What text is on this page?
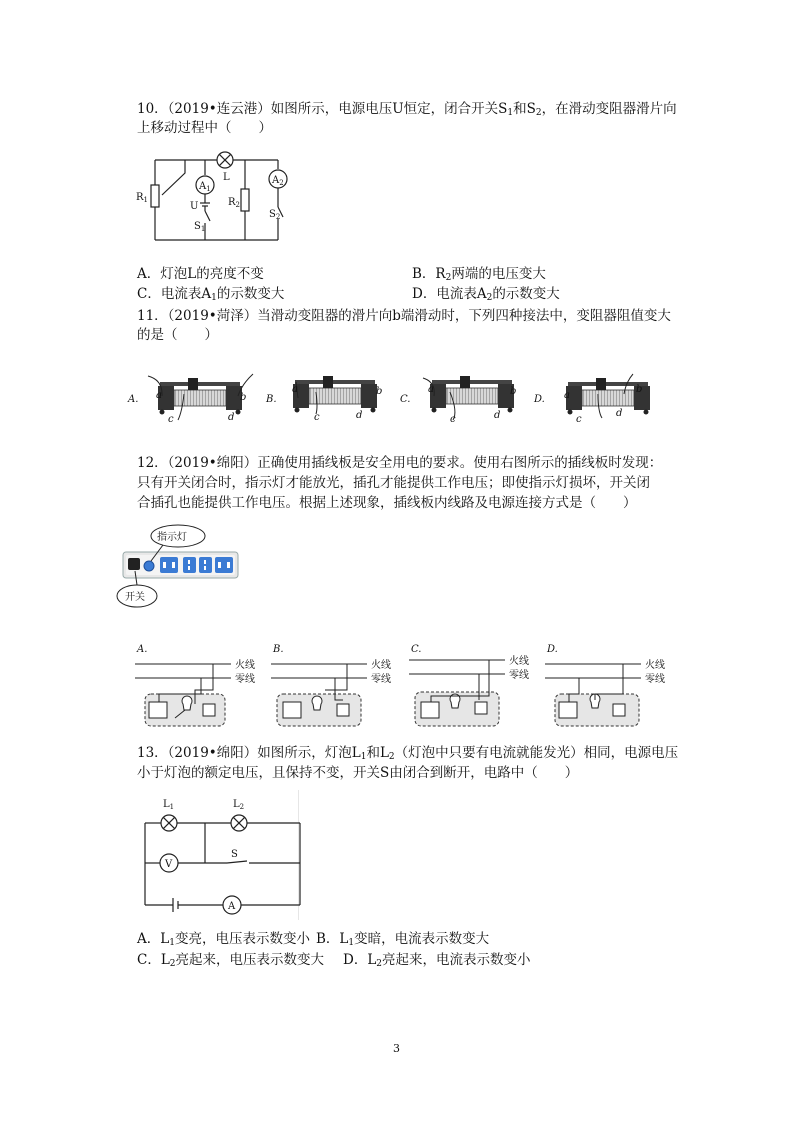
10．（2019•连云港）如图所示，电源电压U恒定，闭合开关$S_1$和$S_2$，在滑动变阻器滑片向
上移动过程中（　　）
L
$A_1$
$A_2$
$R_1$	$R_2$
U
$S_1$
$S_2$
A．灯泡L的亮度不变	B．$R_2$两端的电压变大
C．电流表$A_1$的示数变大	D．电流表$A_2$的示数变大
11．（2019•菏泽）当滑动变阻器的滑片向b端滑动时，下列四种接法中，变阻器阻值变大
的是（　　）
A. a	b
c	d
B.
a	b
c	d
C.
a	b
c	d
D. a
b
c
d
12．（2019•绵阳）正确使用插线板是安全用电的要求。使用右图所示的插线板时发现：
只有开关闭合时，指示灯才能放光，插孔才能提供工作电压；即使指示灯损坏，开关闭
合插孔也能提供工作电压。根据上述现象，插线板内线路及电源连接方式是（　　）
指示灯
开关
A.
火线
零线
B.
火线
零线
C.
火线
零线
D.
火线
零线
13．（2019•绵阳）如图所示，灯泡$L_1$和$L_2$（灯泡中只要有电流就能发光）相同，电源电压
小于灯泡的额定电压，且保持不变，开关S由闭合到断开，电路中（　　）
$L_1$	$L_2$
V
S
A
A．$L_1$变亮，电压表示数变小 B．$L_1$变暗，电流表示数变大
C．$L_2$亮起来，电压表示数变大 D．$L_2$亮起来，电流表示数变小
3
